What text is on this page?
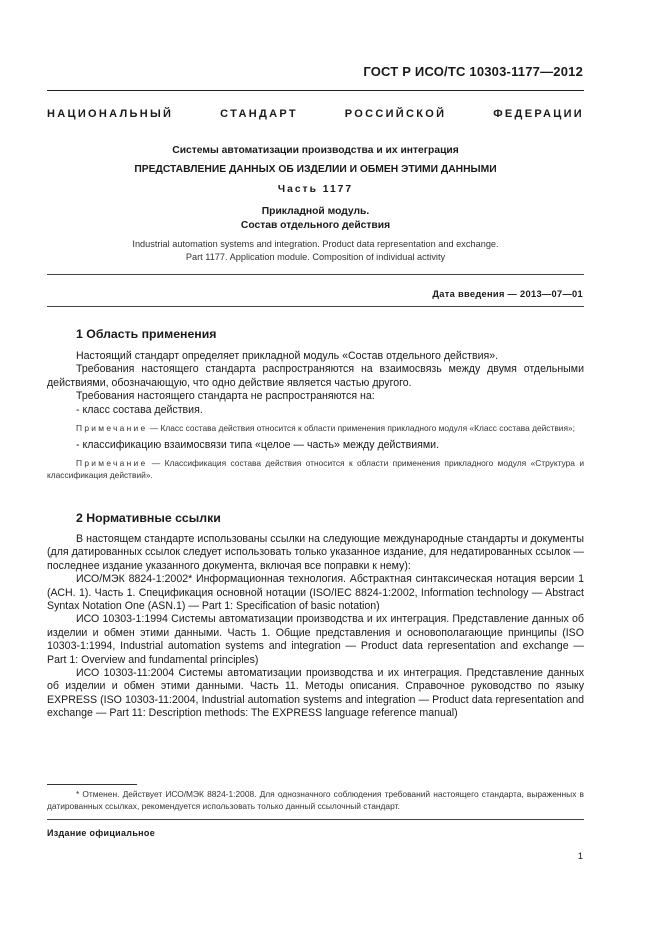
ГОСТ Р ИСО/ТС 10303-1177—2012
НАЦИОНАЛЬНЫЙ СТАНДАРТ РОССИЙСКОЙ ФЕДЕРАЦИИ
Системы автоматизации производства и их интеграция
ПРЕДСТАВЛЕНИЕ ДАННЫХ ОБ ИЗДЕЛИИ И ОБМЕН ЭТИМИ ДАННЫМИ
Часть 1177
Прикладной модуль.
Состав отдельного действия
Industrial automation systems and integration. Product data representation and exchange.
Part 1177. Application module. Composition of individual activity
Дата введения — 2013—07—01
1 Область применения

Настоящий стандарт определяет прикладной модуль «Состав отдельного действия».

Требования настоящего стандарта распространяются на взаимосвязь между двумя отдельными действиями, обозначающую, что одно действие является частью другого.

Требования настоящего стандарта не распространяются на:

- класс состава действия.

Примечание — Класс состава действия относится к области применения прикладного модуля «Класс состава действия»;

- классификацию взаимосвязи типа «целое — часть» между действиями.

Примечание — Классификация состава действия относится к области применения прикладного модуля «Структура и классификация действий».

2 Нормативные ссылки

В настоящем стандарте использованы ссылки на следующие международные стандарты и документы (для датированных ссылок следует использовать только указанное издание, для недатированных ссылок — последнее издание указанного документа, включая все поправки к нему):

ИСО/МЭК 8824-1:2002* Информационная технология. Абстрактная синтаксическая нотация версии 1 (АСН. 1). Часть 1. Спецификация основной нотации (ISO/IEC 8824-1:2002, Information technology — Abstract Syntax Notation One (ASN.1) — Part 1: Specification of basic notation)

ИСО 10303-1:1994 Системы автоматизации производства и их интеграция. Представление данных об изделии и обмен этими данными. Часть 1. Общие представления и основополагающие принципы (ISO 10303-1:1994, Industrial automation systems and integration — Product data representation and exchange — Part 1: Overview and fundamental principles)

ИСО 10303-11:2004 Системы автоматизации производства и их интеграция. Представление данных об изделии и обмен этими данными. Часть 11. Методы описания. Справочное руководство по языку EXPRESS (ISO 10303-11:2004, Industrial automation systems and integration — Product data representation and exchange — Part 11: Description methods: The EXPRESS language reference manual)

* Отменен. Действует ИСО/МЭК 8824-1:2008. Для однозначного соблюдения требований настоящего стандарта, выраженных в датированных ссылках, рекомендуется использовать только данный ссылочный стандарт.

Издание официальное
1
